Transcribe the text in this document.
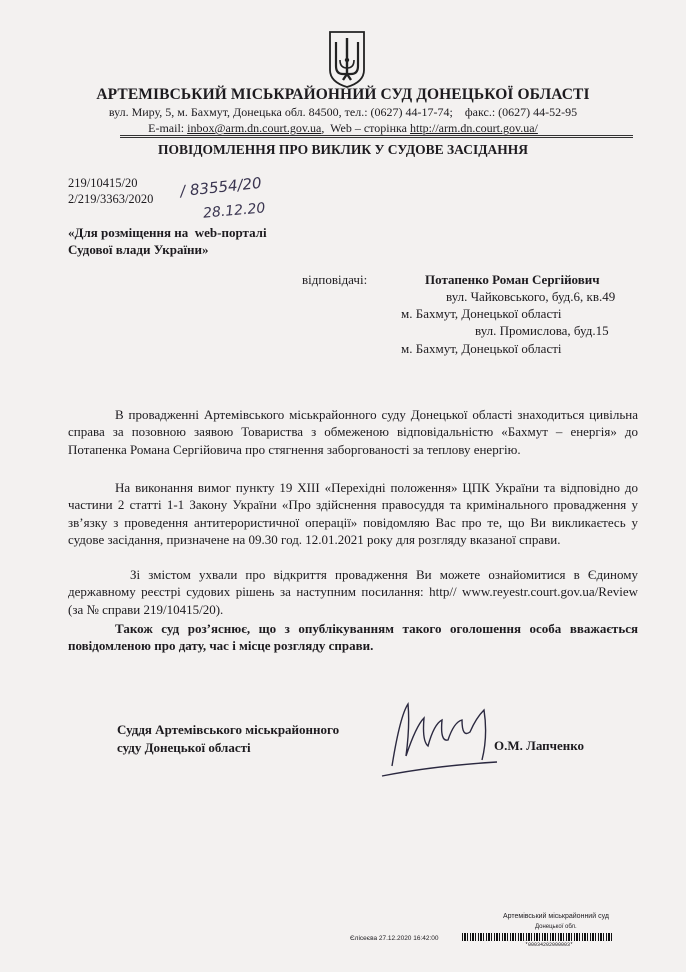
АРТЕМІВСЬКИЙ МІСЬКРАЙОННИЙ СУД ДОНЕЦЬКОЇ ОБЛАСТІ
вул. Миру, 5, м. Бахмут, Донецька обл. 84500, тел.: (0627) 44-17-74;    факс.: (0627) 44-52-95
E-mail: inbox@arm.dn.court.gov.ua,  Web – сторінка http://arm.dn.court.gov.ua/
ПОВІДОМЛЕННЯ ПРО ВИКЛИК У СУДОВЕ ЗАСІДАННЯ
219/10415/20
2/219/3363/2020 / 83554/20
28.12.20
«Для розміщення на  web-порталі
Судової влади України»
відповідачі:	Потапенко Роман Сергійович
вул. Чайковського, буд.6, кв.49
м. Бахмут, Донецької області
вул. Промислова, буд.15
м. Бахмут, Донецької області
В провадженні Артемівського міськрайонного суду Донецької області знаходиться цивільна справа за позовною заявою Товариства з обмеженою відповідальністю «Бахмут – енергія» до Потапенка Романа Сергійовича про стягнення заборгованості за теплову енергію.
На виконання вимог пункту 19 XIII «Перехідні положення» ЦПК України та відповідно до частини 2 статті 1-1 Закону України «Про здійснення правосуддя та кримінального провадження у зв’язку з проведення антитерористичної операції» повідомляю Вас про те, що Ви викликаєтесь у судове засідання, призначене на 09.30 год. 12.01.2021 року для розгляду вказаної справи.
Зі змістом ухвали про відкриття провадження Ви можете ознайомитися в Єдиному державному реєстрі судових рішень за наступним посилання: http// www.reyestr.court.gov.ua/Review (за № справи 219/10415/20).
Також суд роз’яснює, що з опублікуванням такого оголошення особа вважається повідомленою про дату, час і місце розгляду справи.
Суддя Артемівського міськрайонного
суду Донецької області	О.М. Лапченко
Артемівський міськрайонний суд
Донецької обл.
Єлісеєва 27.12.2020 16:42:00
*00034202000003*
